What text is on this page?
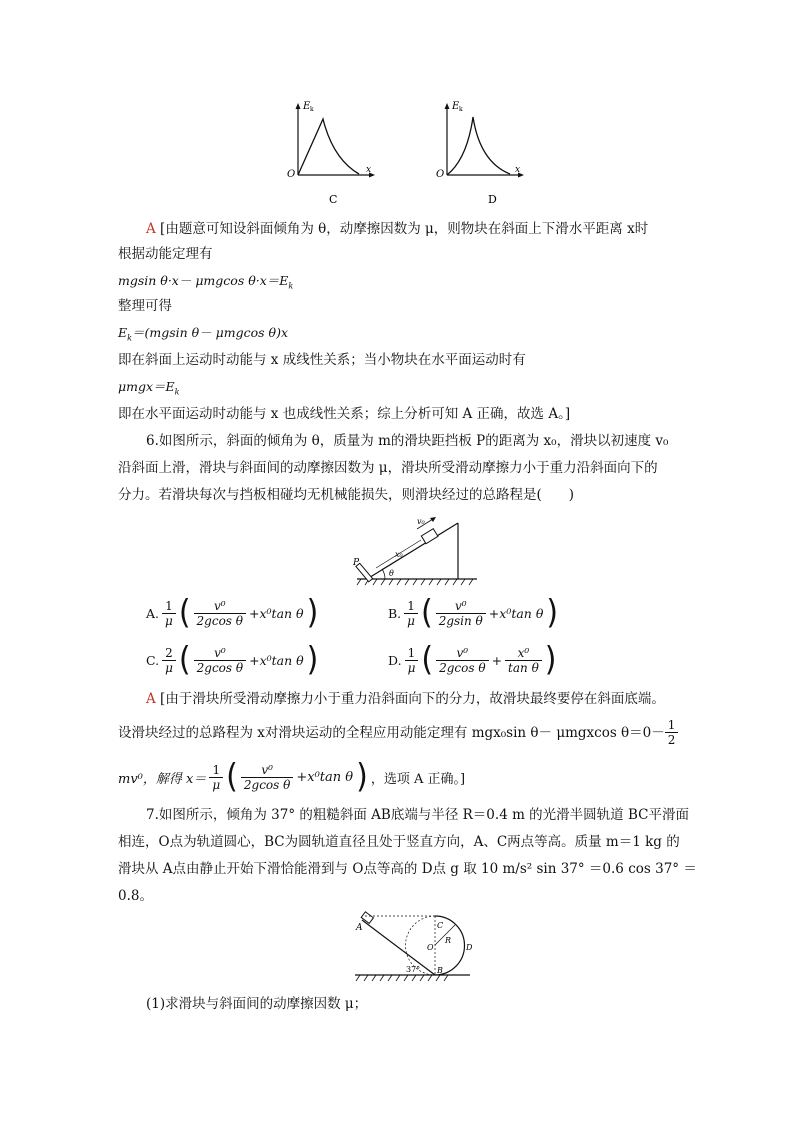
E k
O	x
C
E k
O	x
D
A [由题意可知设斜面倾角为 θ，动摩擦因数为 μ，则物块在斜面上下滑水平距离 x时
根据动能定理有
mgsin θ·x－ μmgcos $\theta\cdot x=E_k$
整理可得
$E_k=(mgsin$ θ－ μmgcos θ)x
即在斜面上运动时动能与 x 成线性关系；当小物块在水平面运动时有
$\mu mgx=E_k$
即在水平面运动时动能与 x 也成线性关系；综上分析可知 A 正确，故选 A。]
6.如图所示，斜面的倾角为 θ，质量为 m的滑块距挡板 P的距离为 x₀，滑块以初速度 v₀
沿斜面上滑，滑块与斜面间的动摩擦因数为 μ，滑块所受滑动摩擦力小于重力沿斜面向下的
分力。若滑块每次与挡板相碰均无机械能损失，则滑块经过的总路程是(　　)
v₀
x₀
P
θ
A. $\frac{1}{\mu}$ ( $\frac{\text{v⁰}}{\text{2gcos θ}} +x^0\tan$ θ )	B. $\frac{1}{\mu}$ ( $\frac{\text{v⁰}}{\text{2gsin θ}} +x^0\tan$ θ )
C. $\frac{2}{\mu}$ ( $\frac{\text{v⁰}}{\text{2gcos θ}} +x^0\tan$ θ )	D. $\frac{1}{\mu}$ ( $\frac{\text{v⁰}}{\text{2gcos θ}} + \frac{\text{x⁰}}{\text{tan θ}}$ )
A [由于滑块所受滑动摩擦力小于重力沿斜面向下的分力，故滑块最终要停在斜面底端。
设滑块经过的总路程为 x对滑块运动的全程应用动能定理有 mgx₀sin θ－ μmgxcos $\theta=0- \frac{1}{2}$
mv⁰，解得 $x= \frac{1}{\mu}$ ( $\frac{\text{v⁰}}{\text{2gcos θ}} +x^0\tan$ θ ) ，选项 A 正确。]
7.如图所示，倾角为 37° 的粗糙斜面 AB底端与半径 R＝0.4 m 的光滑半圆轨道 BC平滑面
相连，O点为轨道圆心，BC为圆轨道直径且处于竖直方向，A、C两点等高。质量 m＝1 kg 的
滑块从 A点由静止开始下滑恰能滑到与 O点等高的 D点 g 取 10 m/s² sin 37° ＝0.6 cos 37° ＝
0.8。
A
B
C
O
R
D
37°
(1)求滑块与斜面间的动摩擦因数 μ；
